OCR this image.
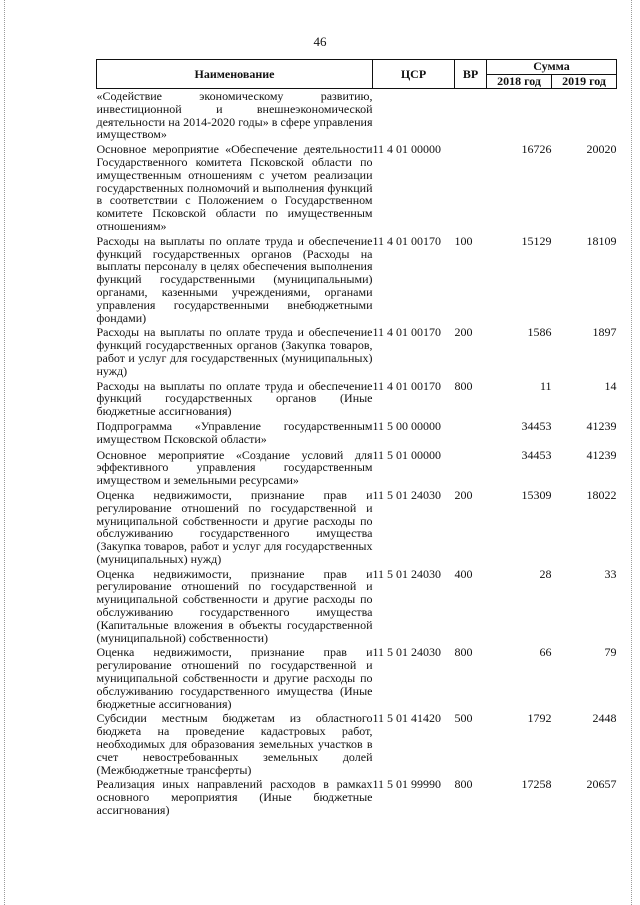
46
Наименование	ЦСР	ВР	Сумма	
			2018 год	2019 год
«Содействие экономическому развитию, инвестиционной и внешнеэкономической деятельности на 2014-2020 годы» в сфере управления имуществом»				
Основное мероприятие «Обеспечение деятельности Государственного комитета Псковской области по имущественным отношениям с учетом реализации государственных полномочий и выполнения функций в соответствии с Положением о Государственном комитете Псковской области по имущественным отношениям»	11 4 01 00000		16726	20020
Расходы на выплаты по оплате труда и обеспечение функций государственных органов (Расходы на выплаты персоналу в целях обеспечения выполнения функций государственными (муниципальными) органами, казенными учреждениями, органами управления государственными внебюджетными фондами)	11 4 01 00170	100	15129	18109
Расходы на выплаты по оплате труда и обеспечение функций государственных органов (Закупка товаров, работ и услуг для государственных (муниципальных) нужд)	11 4 01 00170	200	1586	1897
Расходы на выплаты по оплате труда и обеспечение функций государственных органов (Иные бюджетные ассигнования)	11 4 01 00170	800	11	14
Подпрограмма «Управление государственным имуществом Псковской области»	11 5 00 00000		34453	41239
Основное мероприятие «Создание условий для эффективного управления государственным имуществом и земельными ресурсами»	11 5 01 00000		34453	41239
Оценка недвижимости, признание прав и регулирование отношений по государственной и муниципальной собственности и другие расходы по обслуживанию государственного имущества (Закупка товаров, работ и услуг для государственных (муниципальных) нужд)	11 5 01 24030	200	15309	18022
Оценка недвижимости, признание прав и регулирование отношений по государственной и муниципальной собственности и другие расходы по обслуживанию государственного имущества (Капитальные вложения в объекты государственной (муниципальной) собственности)	11 5 01 24030	400	28	33
Оценка недвижимости, признание прав и регулирование отношений по государственной и муниципальной собственности и другие расходы по обслуживанию государственного имущества (Иные бюджетные ассигнования)	11 5 01 24030	800	66	79
Субсидии местным бюджетам из областного бюджета на проведение кадастровых работ, необходимых для образования земельных участков в счет невостребованных земельных долей (Межбюджетные трансферты)	11 5 01 41420	500	1792	2448
Реализация иных направлений расходов в рамках основного мероприятия (Иные бюджетные ассигнования)	11 5 01 99990	800	17258	20657
